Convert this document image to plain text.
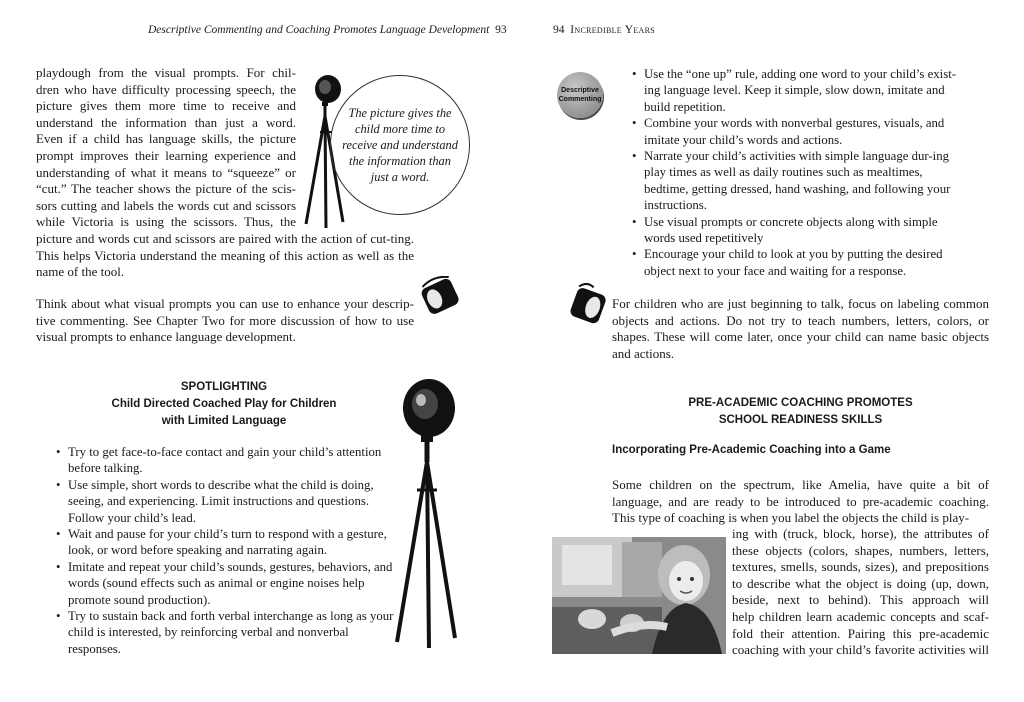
Descriptive Commenting and Coaching Promotes Language Development 93
playdough from the visual prompts. For chil-
dren who have difficulty processing speech, the
picture gives them more time to receive and
understand the information than just a word.
Even if a child has language skills, the picture
prompt improves their learning experience and
understanding of what it means to “squeeze” or
“cut.” The teacher shows the picture of the scis-
sors cutting and labels the words cut and scissors
while Victoria is using the scissors. Thus, the
The picture gives the child more time to receive and understand the information than just a word.

picture and words cut and scissors are paired with the action of cut-ting. This helps Victoria understand the meaning of this action as well as the name of the tool.

Think about what visual prompts you can use to enhance your descrip-tive commenting. See Chapter Two for more discussion of how to use visual prompts to enhance language development.

SPOTLIGHTING
Child Directed Coached Play for Children
with Limited Language
• Try to get face-to-face contact and gain your child’s attention before talking.
• Use simple, short words to describe what the child is doing, seeing, and experiencing. Limit instructions and questions. Follow your child’s lead.
• Wait and pause for your child’s turn to respond with a gesture, look, or word before speaking and narrating again.
• Imitate and repeat your child’s sounds, gestures, behaviors, and words (sound effects such as animal or engine noises help promote sound production).
• Try to sustain back and forth verbal interchange as long as your child is interested, by reinforcing verbal and nonverbal responses.
94 Incredible Years
Descriptive
Commenting
• Use the “one up” rule, adding one word to your child’s exist-ing language level. Keep it simple, slow down, imitate and build repetition.
• Combine your words with nonverbal gestures, visuals, and imitate your child’s words and actions.
• Narrate your child’s activities with simple language dur-ing play times as well as daily routines such as mealtimes, bedtime, getting dressed, hand washing, and following your instructions.
• Use visual prompts or concrete objects along with simple words used repetitively
• Encourage your child to look at you by putting the desired object next to your face and waiting for a response.

For children who are just beginning to talk, focus on labeling common objects and actions. Do not try to teach numbers, letters, colors, or shapes. These will come later, once your child can name basic objects and actions.

PRE-ACADEMIC COACHING PROMOTES
SCHOOL READINESS SKILLS
Incorporating Pre-Academic Coaching into a Game

Some children on the spectrum, like Amelia, have quite a bit of language, and are ready to be introduced to pre-academic coaching. This type of coaching is when you label the objects the child is play-

ing with (truck, block, horse), the attributes of
these objects (colors, shapes, numbers, letters,
textures, smells, sounds, sizes), and prepositions
to describe what the object is doing (up, down,
beside, next to behind). This approach will
help children learn academic concepts and scaf-
fold their attention. Pairing this pre-academic
coaching with your child’s favorite activities will
